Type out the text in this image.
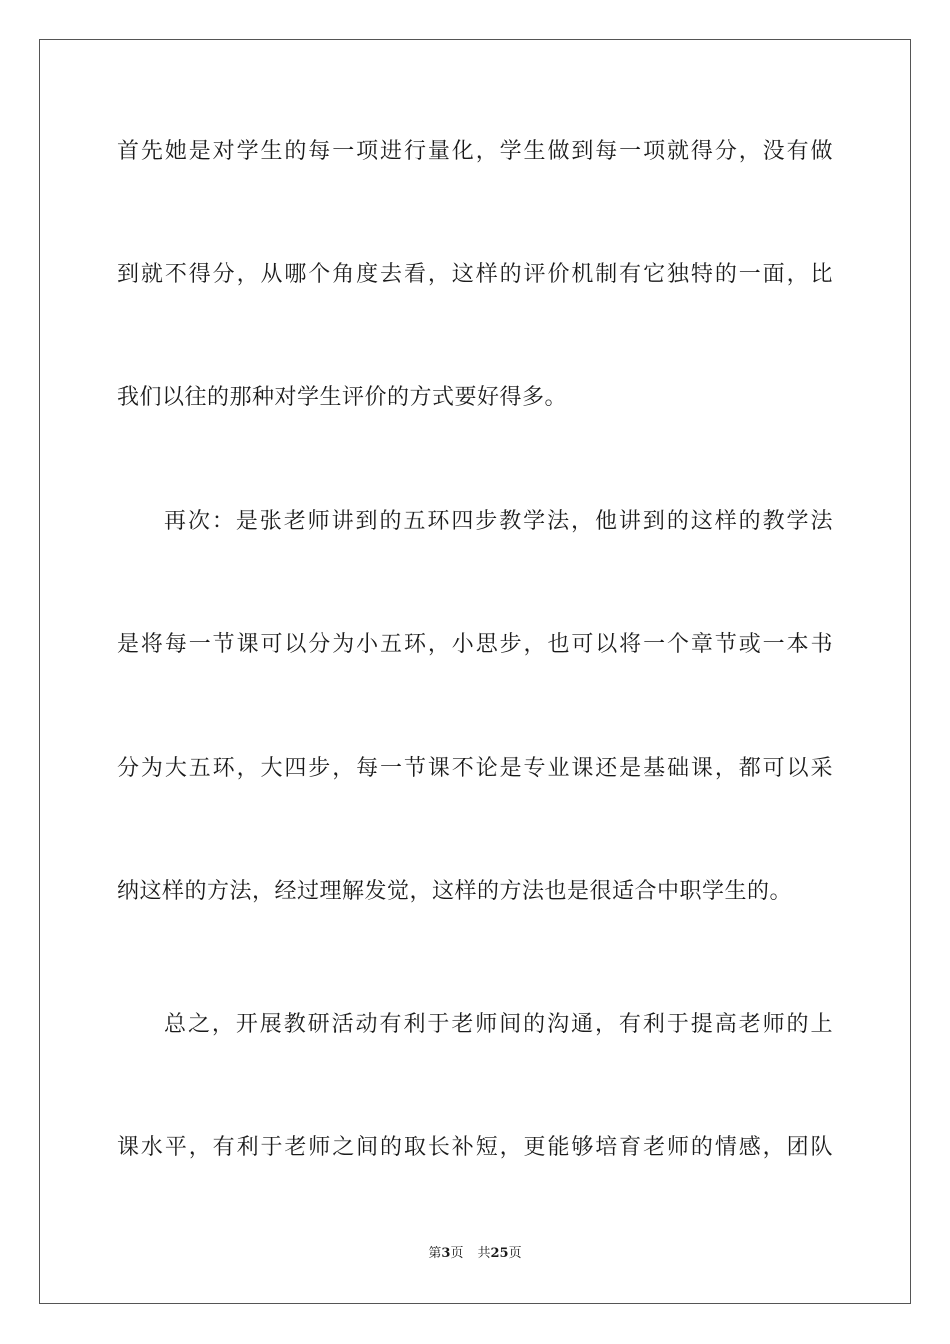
首先她是对学生的每一项进行量化，学生做到每一项就得分，没有做
到就不得分，从哪个角度去看，这样的评价机制有它独特的一面，比
我们以往的那种对学生评价的方式要好得多。
再次：是张老师讲到的五环四步教学法，他讲到的这样的教学法
是将每一节课可以分为小五环，小思步，也可以将一个章节或一本书
分为大五环，大四步，每一节课不论是专业课还是基础课，都可以采
纳这样的方法，经过理解发觉，这样的方法也是很适合中职学生的。
总之，开展教研活动有利于老师间的沟通，有利于提高老师的上
课水平，有利于老师之间的取长补短，更能够培育老师的情感，团队
第3页 共25页
